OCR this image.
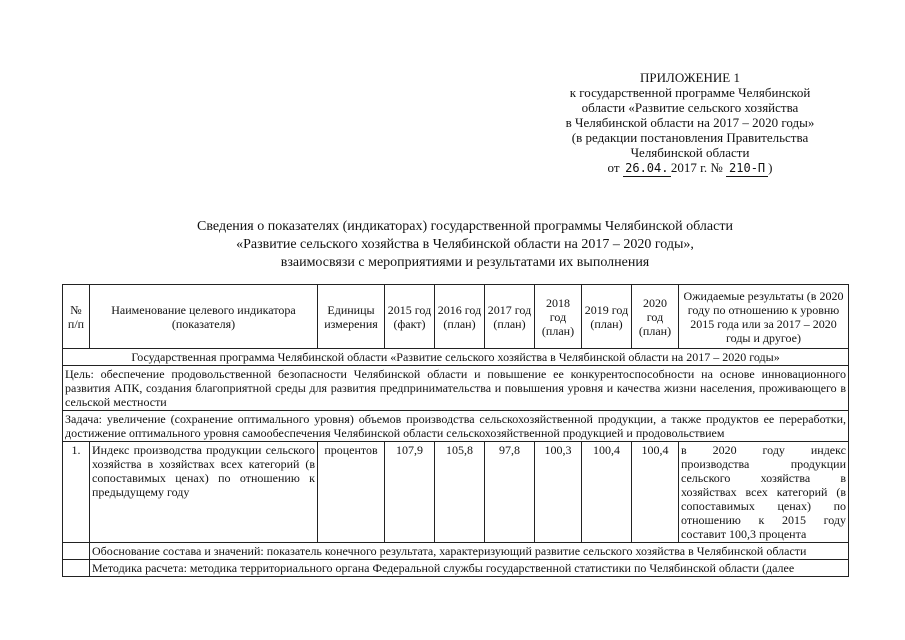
ПРИЛОЖЕНИЕ 1
к государственной программе Челябинской
области «Развитие сельского хозяйства
в Челябинской области на 2017 – 2020 годы»
(в редакции постановления Правительства
Челябинской области
от 26.04. 2017 г. № 210-П )
Сведения о показателях (индикаторах) государственной программы Челябинской области
«Развитие сельского хозяйства в Челябинской области на 2017 – 2020 годы»,
взаимосвязи с мероприятиями и результатами их выполнения
№ п/п	Наименование целевого индикатора (показателя)	Единицы измерения	2015 год (факт)	2016 год (план)	2017 год (план)	2018 год (план)	2019 год (план)	2020 год (план)	Ожидаемые результаты (в 2020 году по отношению к уровню 2015 года или за 2017 – 2020 годы и другое)
Государственная программа Челябинской области «Развитие сельского хозяйства в Челябинской области на 2017 – 2020 годы»									
Цель: обеспечение продовольственной безопасности Челябинской области и повышение ее конкурентоспособности на основе инновационного развития АПК, создания благоприятной среды для развития предпринимательства и повышения уровня и качества жизни населения, проживающего в сельской местности									
Задача: увеличение (сохранение оптимального уровня) объемов производства сельскохозяйственной продукции, а также продуктов ее переработки, достижение оптимального уровня самообеспечения Челябинской области сельскохозяйственной продукцией и продовольствием									
1.	Индекс производства продукции сельского хозяйства в хозяйствах всех категорий (в сопоставимых ценах) по отношению к предыдущему году	процентов	107,9	105,8	97,8	100,3	100,4	100,4	в 2020 году индекс производства продукции сельского хозяйства в хозяйствах всех категорий (в сопоставимых ценах) по отношению к 2015 году составит 100,3 процента
	Обоснование состава и значений: показатель конечного результата, характеризующий развитие сельского хозяйства в Челябинской области								
	Методика расчета: методика территориального органа Федеральной службы государственной статистики по Челябинской области (далее								
